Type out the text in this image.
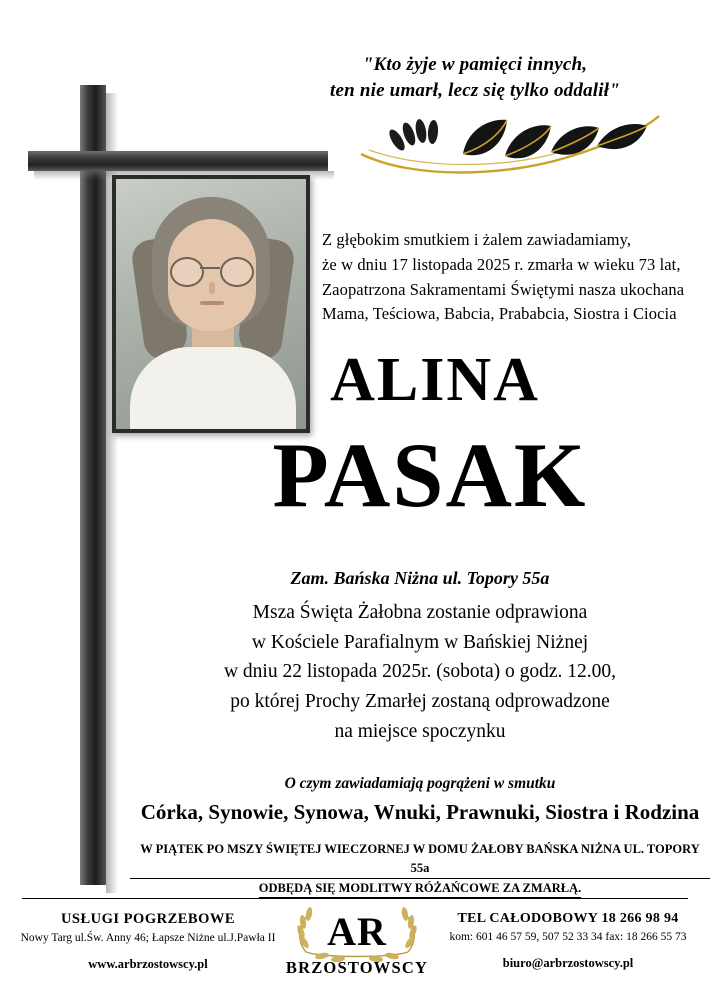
"Kto żyje w pamięci innych,
ten nie umarł, lecz się tylko oddalił"
Z głębokim smutkiem i żalem zawiadamiamy,
że w dniu 17 listopada 2025 r. zmarła w wieku 73 lat,
Zaopatrzona Sakramentami Świętymi nasza ukochana
Mama, Teściowa, Babcia, Prababcia, Siostra i Ciocia
ALINA
PASAK
Zam. Bańska Niżna ul. Topory 55a
Msza Święta Żałobna zostanie odprawiona
w Kościele Parafialnym w Bańskiej Niżnej
w dniu 22 listopada 2025r. (sobota) o godz. 12.00,
po której Prochy Zmarłej zostaną odprowadzone
na miejsce spoczynku
O czym zawiadamiają pogrążeni w smutku
Córka, Synowie, Synowa, Wnuki, Prawnuki, Siostra i Rodzina
W PIĄTEK PO MSZY ŚWIĘTEJ WIECZORNEJ W DOMU ŻAŁOBY BAŃSKA NIŻNA UL. TOPORY 55a
ODBĘDĄ SIĘ MODLITWY RÓŻAŃCOWE ZA ZMARŁĄ.
USŁUGI POGRZEBOWE
Nowy Targ ul.Św. Anny 46; Łapsze Niżne ul.J.Pawła II
www.arbrzostowscy.pl
TEL CAŁODOBOWY 18 266 98 94
kom: 601 46 57 59, 507 52 33 34 fax: 18 266 55 73
biuro@arbrzostowscy.pl
AR
BRZOSTOWSCY
